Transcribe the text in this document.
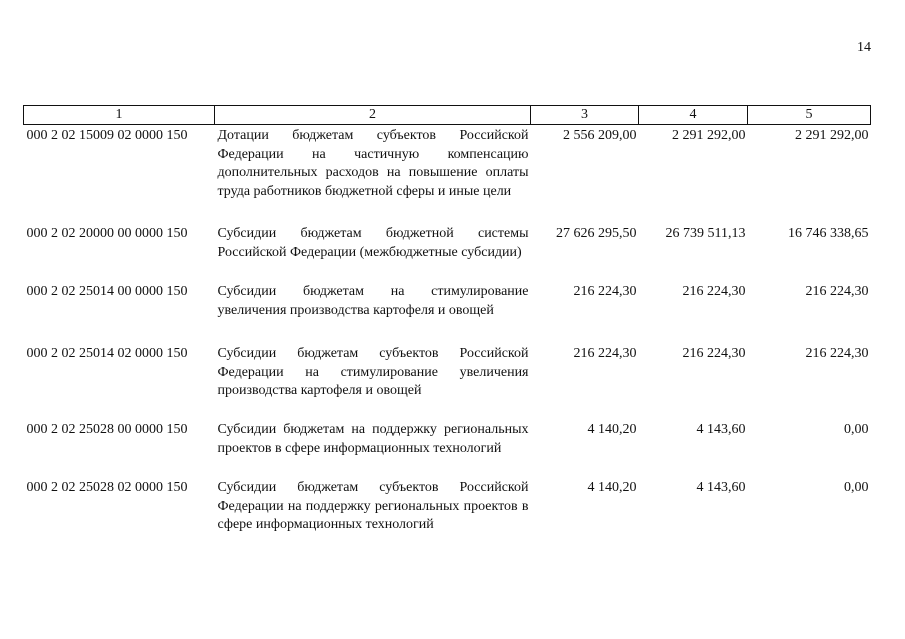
14
1	2	3	4	5
000 2 02 15009 02 0000 150	Дотации бюджетам субъектов Российской Федерации на частичную компенсацию дополнительных расходов на повышение оплаты труда работников бюджетной сферы и иные цели	2 556 209,00	2 291 292,00	2 291 292,00
000 2 02 20000 00 0000 150	Субсидии бюджетам бюджетной системы Российской Федерации (межбюджетные субсидии)	27 626 295,50	26 739 511,13	16 746 338,65
000 2 02 25014 00 0000 150	Субсидии бюджетам на стимулирование увеличения производства картофеля и овощей	216 224,30	216 224,30	216 224,30
000 2 02 25014 02 0000 150	Субсидии бюджетам субъектов Российской Федерации на стимулирование увеличения производства картофеля и овощей	216 224,30	216 224,30	216 224,30
000 2 02 25028 00 0000 150	Субсидии бюджетам на поддержку региональных проектов в сфере информационных технологий	4 140,20	4 143,60	0,00
000 2 02 25028 02 0000 150	Субсидии бюджетам субъектов Российской Федерации на поддержку региональных проектов в сфере информационных технологий	4 140,20	4 143,60	0,00
